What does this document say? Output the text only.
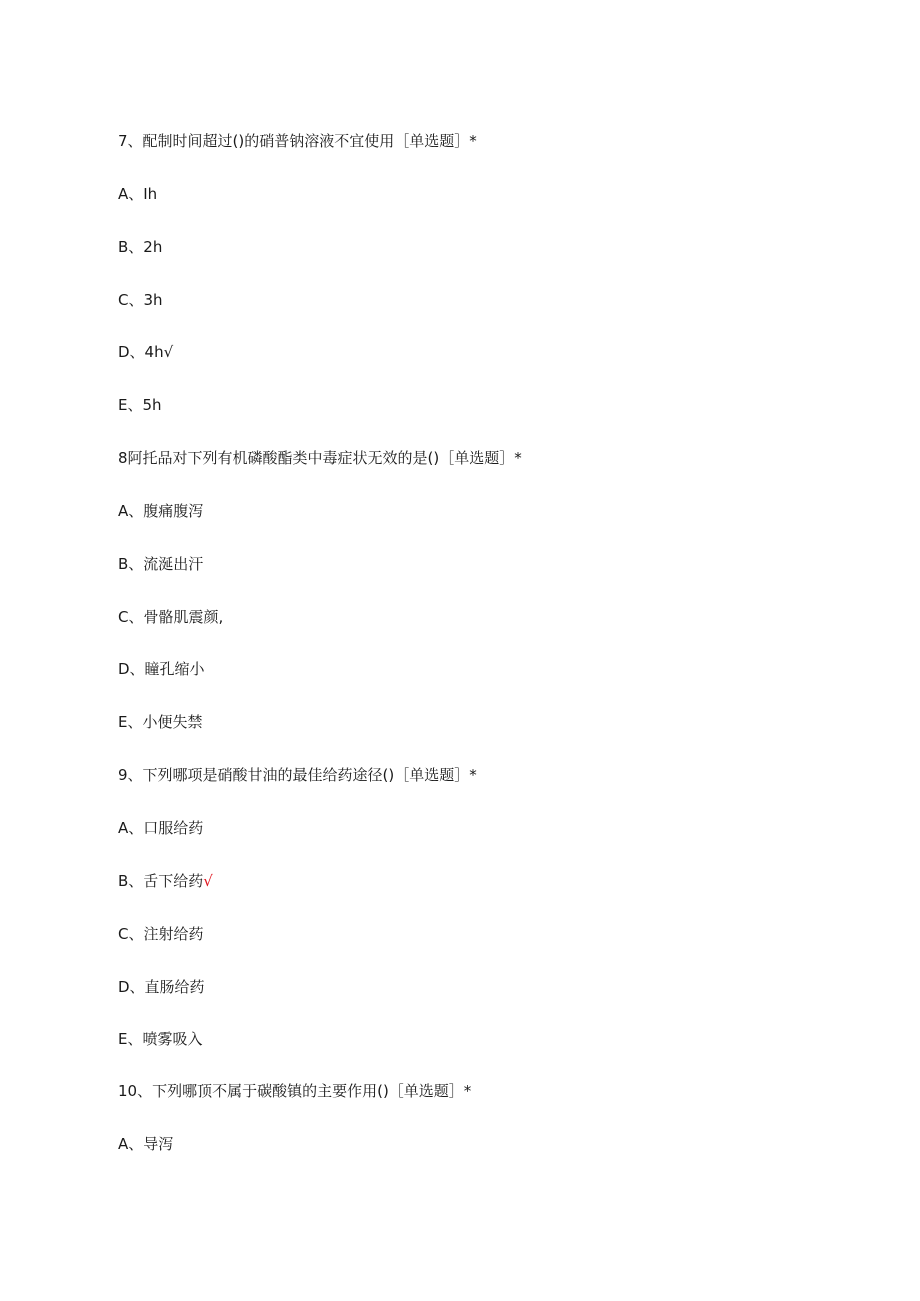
7、配制时间超过()的硝普钠溶液不宜使用［单选题］*
A、Ih
B、2h
C、3h
D、4h√
E、5h
8阿托品对下列有机磷酸酯类中毒症状无效的是()［单选题］*
A、腹痛腹泻
B、流涎出汗
C、骨骼肌震颜,
D、瞳孔缩小
E、小便失禁
9、下列哪项是硝酸甘油的最佳给药途径()［单选题］*
A、口服给药
B、舌下给药√
C、注射给药
D、直肠给药
E、喷雾吸入
10、下列哪顶不属于碳酸镇的主要作用()［单选题］*
A、导泻
